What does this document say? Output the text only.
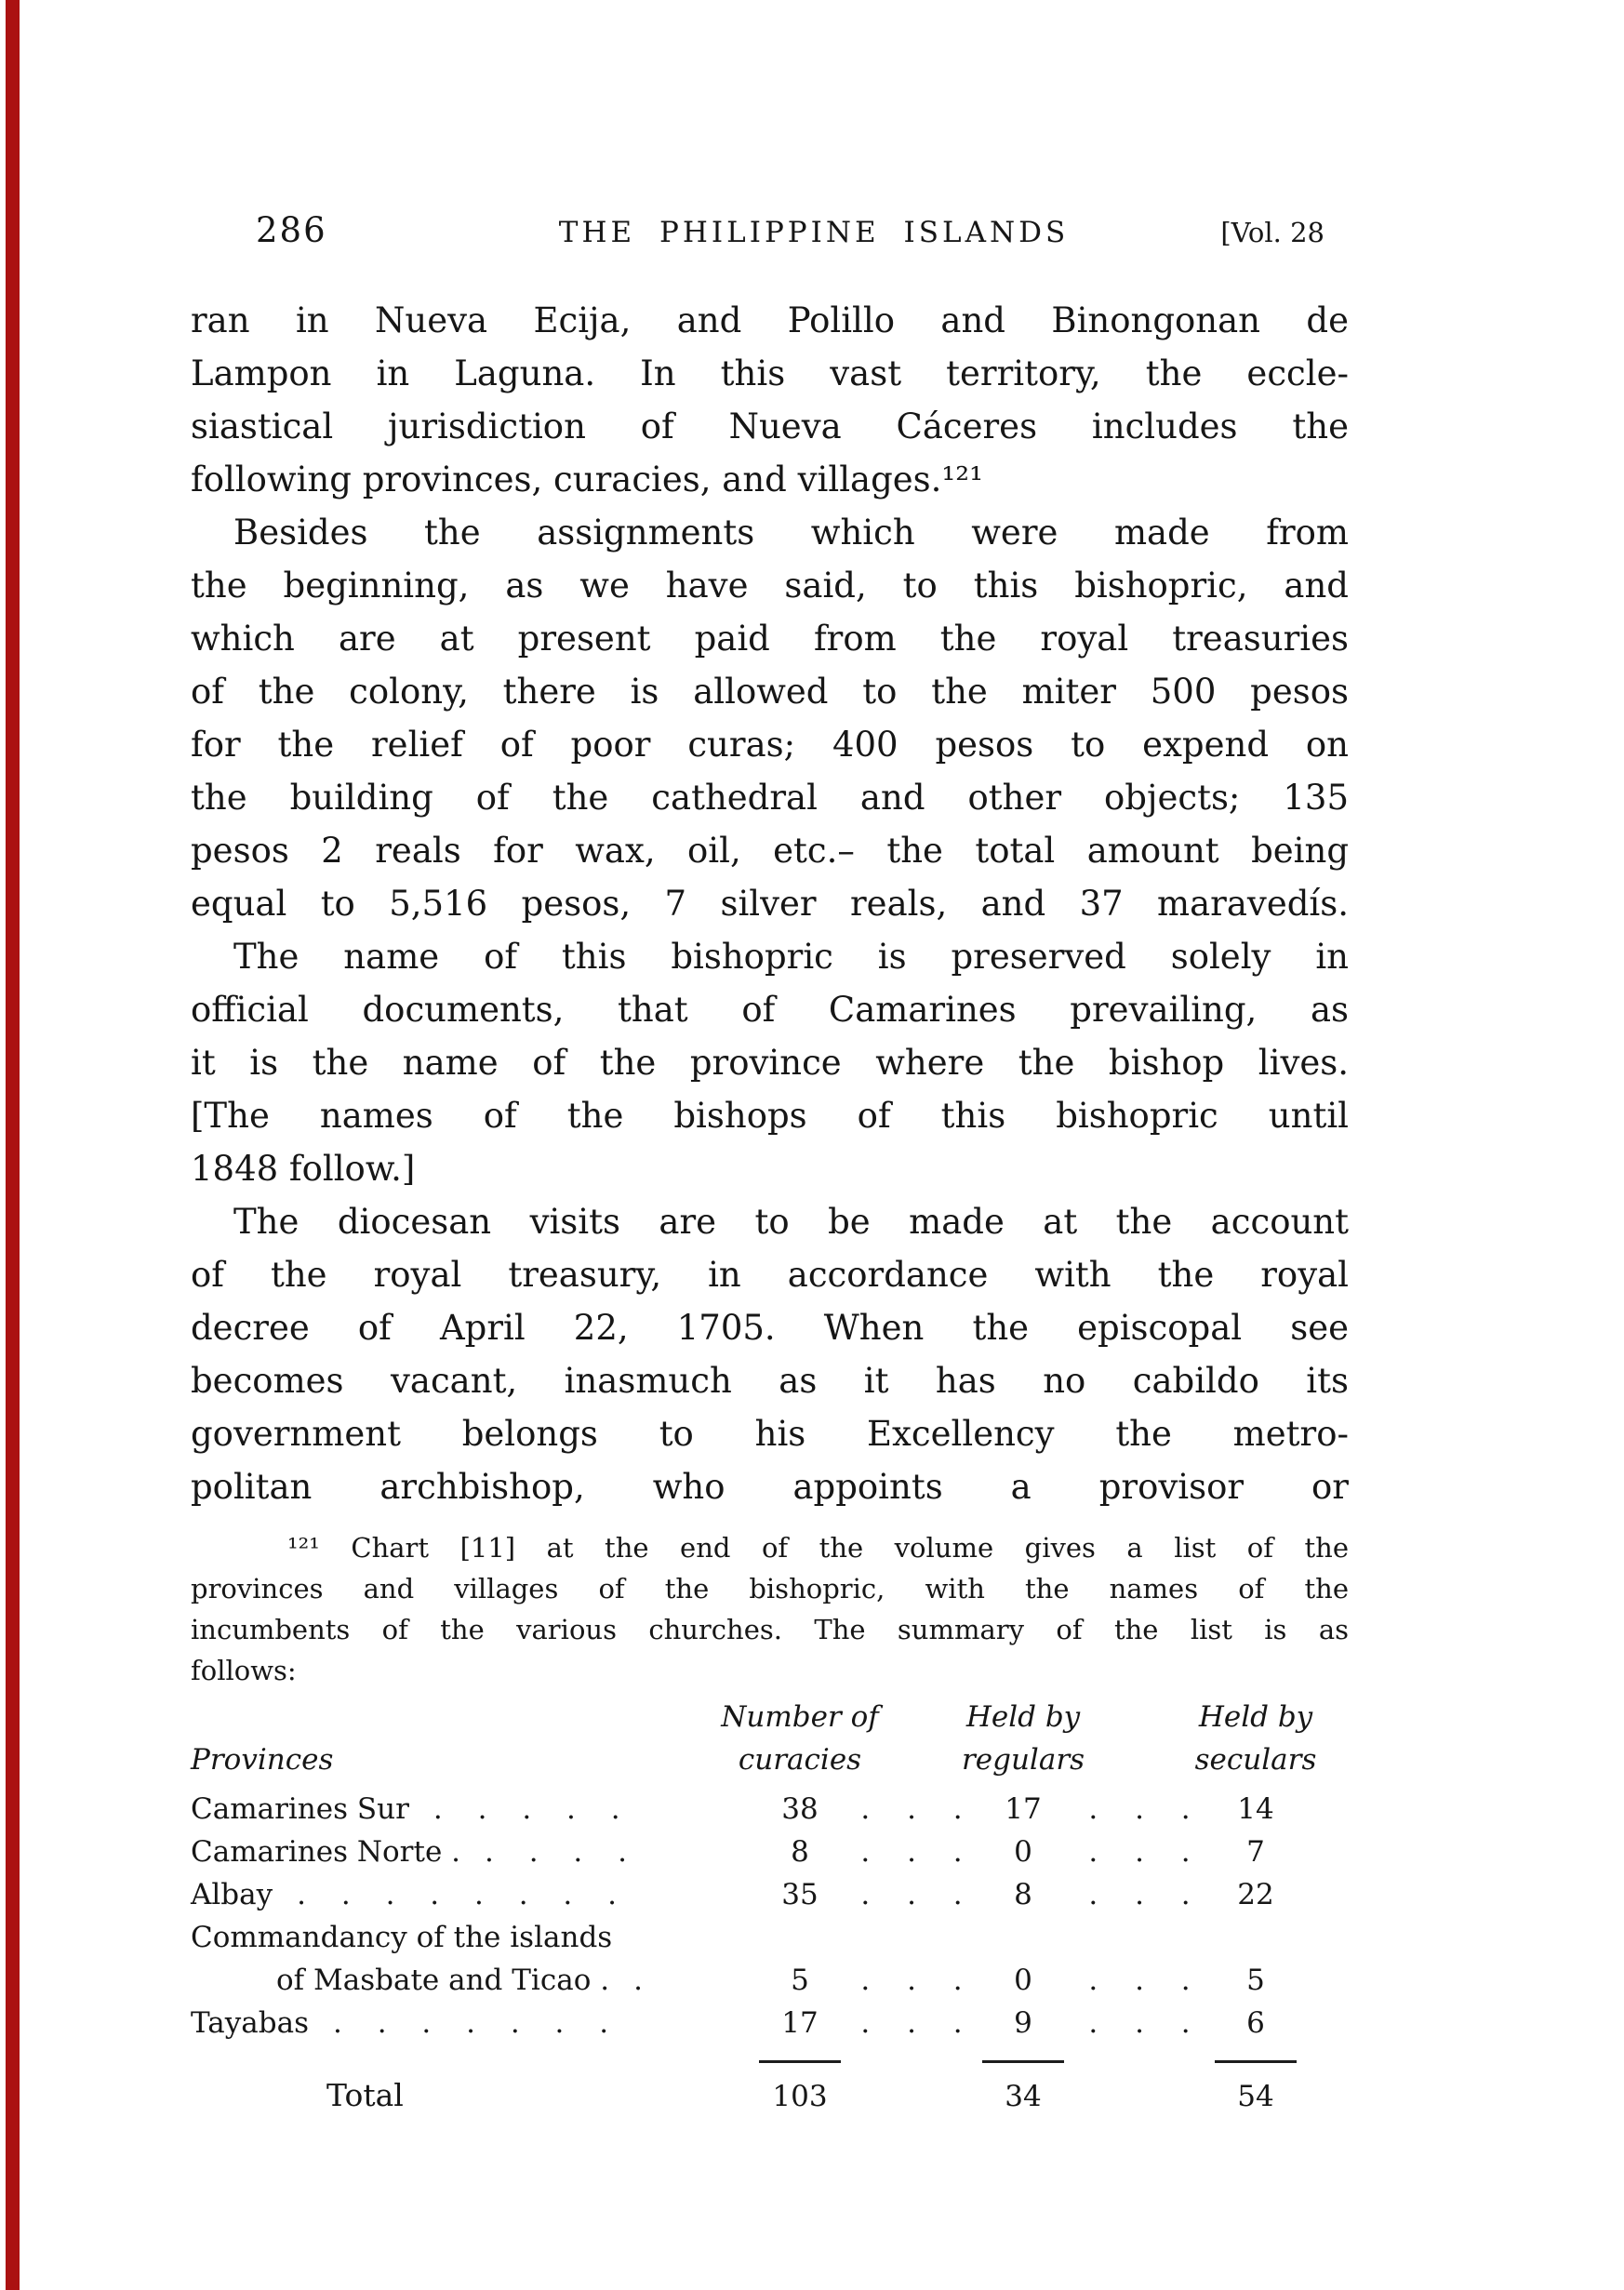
286	THE PHILIPPINE ISLANDS	[Vol. 28
ran in Nueva Ecija, and Polillo and Binongonan de
Lampon in Laguna. In this vast territory, the eccle-
siastical jurisdiction of Nueva Cáceres includes the
following provinces, curacies, and villages.¹²¹
Besides the assignments which were made from
the beginning, as we have said, to this bishopric, and
which are at present paid from the royal treasuries
of the colony, there is allowed to the miter 500 pesos
for the relief of poor curas; 400 pesos to expend on
the building of the cathedral and other objects; 135
pesos 2 reals for wax, oil, etc.– the total amount being
equal to 5,516 pesos, 7 silver reals, and 37 maravedís.
The name of this bishopric is preserved solely in
official documents, that of Camarines prevailing, as
it is the name of the province where the bishop lives.
[The names of the bishops of this bishopric until
1848 follow.]
The diocesan visits are to be made at the account
of the royal treasury, in accordance with the royal
decree of April 22, 1705. When the episcopal see
becomes vacant, inasmuch as it has no cabildo its
government belongs to his Excellency the metro-
politan archbishop, who appoints a provisor or
¹²¹ Chart [11] at the end of the volume gives a list of the
provinces and villages of the bishopric, with the names of the
incumbents of the various churches. The summary of the list is as
follows:
Number of	Held by	Held by
Provinces	curacies	regulars	seculars
Camarines Sur . . . . .	38	. . .	17	. . .	14
Camarines Norte . . . . .	8	. . .	0	. . .	7
Albay . . . . . . . .	35	. . .	8	. . .	22
Commandancy of the islands
of Masbate and Ticao . .	5	. . .	0	. . .	5
Tayabas . . . . . . .	17	. . .	9	. . .	6
Total	103	34	54
